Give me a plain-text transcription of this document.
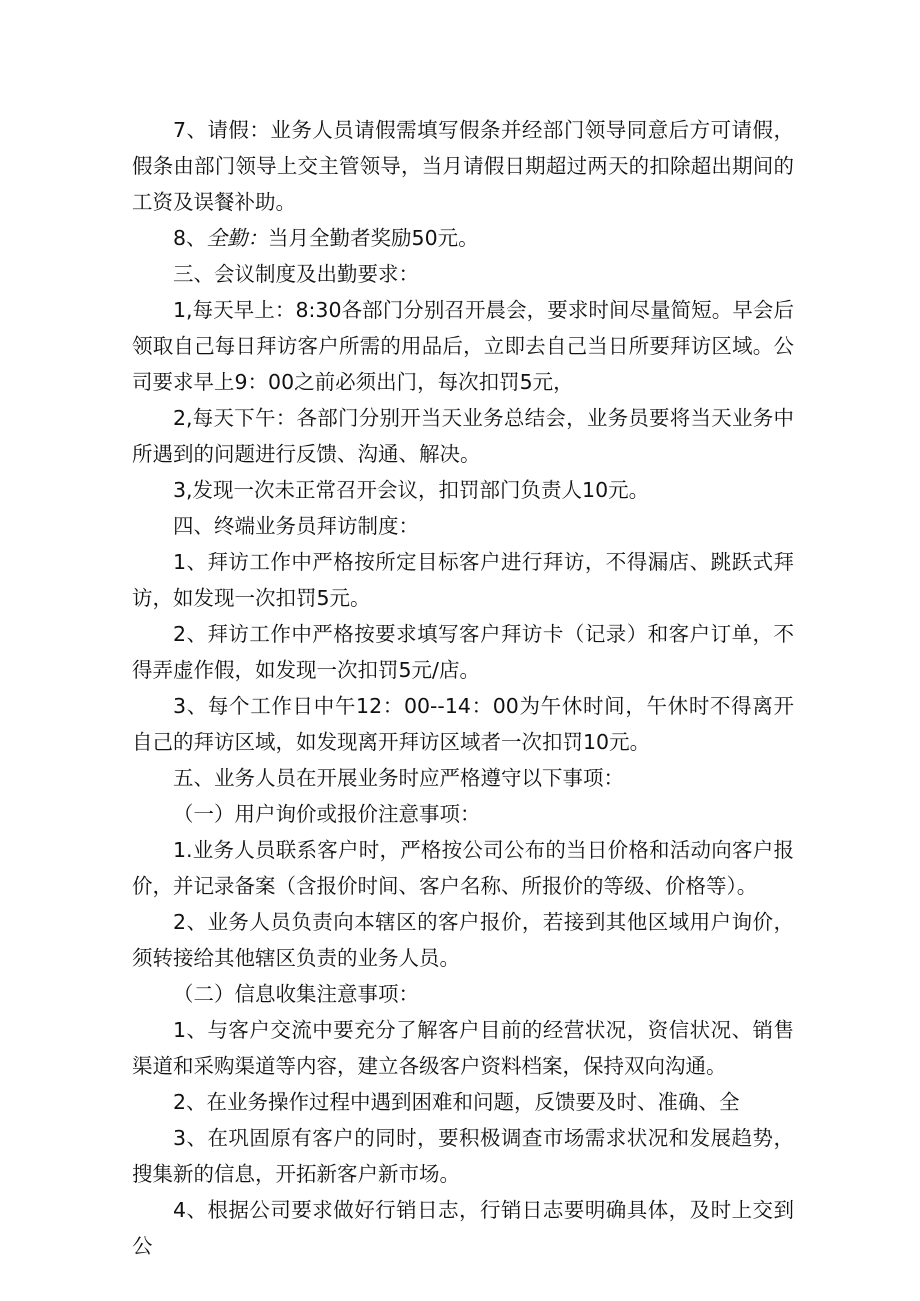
7、请假：业务人员请假需填写假条并经部门领导同意后方可请假，假条由部门领导上交主管领导，当月请假日期超过两天的扣除超出期间的工资及误餐补助。

8、全勤：当月全勤者奖励50元。

三、会议制度及出勤要求：

1,每天早上：8:30各部门分别召开晨会，要求时间尽量简短。早会后领取自己每日拜访客户所需的用品后，立即去自己当日所要拜访区域。公司要求早上9：00之前必须出门，每次扣罚5元，

2,每天下午：各部门分别开当天业务总结会，业务员要将当天业务中所遇到的问题进行反馈、沟通、解决。

3,发现一次未正常召开会议，扣罚部门负责人10元。

四、终端业务员拜访制度：

1、拜访工作中严格按所定目标客户进行拜访，不得漏店、跳跃式拜访，如发现一次扣罚5元。

2、拜访工作中严格按要求填写客户拜访卡（记录）和客户订单，不得弄虚作假，如发现一次扣罚5元/店。

3、每个工作日中午12：00--14：00为午休时间，午休时不得离开自己的拜访区域，如发现离开拜访区域者一次扣罚10元。

五、业务人员在开展业务时应严格遵守以下事项：

（一）用户询价或报价注意事项：

1.业务人员联系客户时，严格按公司公布的当日价格和活动向客户报价，并记录备案（含报价时间、客户名称、所报价的等级、价格等）。

2、业务人员负责向本辖区的客户报价，若接到其他区域用户询价，须转接给其他辖区负责的业务人员。

（二）信息收集注意事项：

1、与客户交流中要充分了解客户目前的经营状况，资信状况、销售渠道和采购渠道等内容，建立各级客户资料档案，保持双向沟通。

2、在业务操作过程中遇到困难和问题，反馈要及时、准确、全

3、在巩固原有客户的同时，要积极调查市场需求状况和发展趋势，搜集新的信息，开拓新客户新市场。

4、根据公司要求做好行销日志，行销日志要明确具体，及时上交到公
